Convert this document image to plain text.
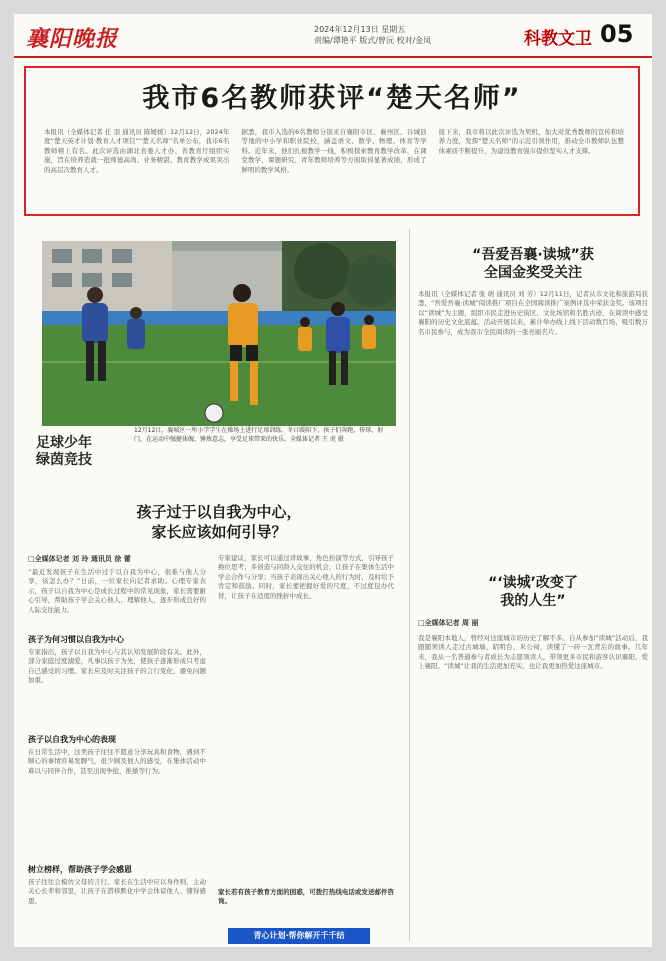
襄阳晚报	2024年12月13日 星期五
责编/谭艳平 版式/曾沅 校对/金凤	科教文卫 05
我市6名教师获评“楚天名师”
本报讯（全媒体记者 任 羽 通讯员 陈媛媛）12月12日，2024年度“楚天英才计划·教育人才项目”“楚天名师”名单公布，我市6名教师榜上有名。此次评选由湖北省委人才办、省教育厅组织实施，旨在培养造就一批师德高尚、业务精湛、教育教学成果突出的高层次教育人才。
据悉，我市入选的6名教师分别来自襄阳市区、襄州区、谷城县等地的中小学和职业院校，涵盖语文、数学、物理、体育等学科。近年来，他们扎根教学一线，积极探索教育教学改革，在课堂教学、课题研究、青年教师培养等方面取得显著成绩，形成了鲜明的教学风格。
接下来，我市将以此次评选为契机，加大对优秀教师的宣传和培养力度，发挥“楚天名师”的示范引领作用，推动全市教师队伍整体素质不断提升，为建设教育强市提供坚实人才支撑。
足球少年
绿茵竞技
12月12日，襄城区一所小学学生在操场上进行足球训练。冬日暖阳下，孩子们奔跑、传球、射门，在运动中强健体魄、锤炼意志，享受足球带来的快乐。全媒体记者 王 虎 摄
孩子过于以自我为中心，
家长应该如何引导？
□全媒体记者 刘 玲 通讯员 徐 蕾
“最近发现孩子在生活中过于以自我为中心，很难与他人分享，该怎么办？”日前，一位家长向记者求助。心理专家表示，孩子以自我为中心是成长过程中的常见现象，家长需要耐心引导，帮助孩子学会关心他人、理解他人，逐步形成良好的人际交往能力。
孩子为何习惯以自我为中心
专家指出，孩子以自我为中心与其认知发展阶段有关。此外，部分家庭过度溺爱，凡事以孩子为先，使孩子逐渐形成只考虑自己感受的习惯。家长应及时关注孩子的言行变化，避免问题加重。
孩子以自我为中心的表现
在日常生活中，这类孩子往往不愿意分享玩具和食物，遇到不顺心的事情容易发脾气，很少顾及他人的感受，在集体活动中难以与同伴合作，甚至出现争抢、推搡等行为。
树立榜样，帮助孩子学会感恩
孩子往往会模仿父母的言行。家长在生活中应以身作则，主动关心长辈和邻里，让孩子在潜移默化中学会体谅他人、懂得感恩。
专家建议，家长可以通过讲故事、角色扮演等方式，引导孩子换位思考；多创造与同龄人交往的机会，让孩子在集体生活中学会合作与分享；当孩子表现出关心他人的行为时，及时给予肯定和鼓励。同时，家长要把握好爱的尺度，不过度包办代替，让孩子在适度的挫折中成长。
家长若有孩子教育方面的困惑，可拨打热线电话或发送邮件咨询。
青心计划·帮你解开千千结
“吾爱吾襄·读城”获
全国金奖受关注
本报讯（全媒体记者 张 萌 通讯员 刘 芳）12月11日，记者从市文化和旅游局获悉，“吾爱吾襄·读城”阅读推广项目在全国阅读推广案例评选中荣获金奖。该项目以“读城”为主题，组织市民走进历史街区、文化场馆和名胜古迹，在阅读中感受襄阳的历史文化底蕴。活动开展以来，累计举办线上线下活动数百场，吸引数万名市民参与，成为我市全民阅读的一张亮丽名片。
“‘读城’改变了
我的人生”
□全媒体记者 周 丽
我是襄阳本地人，曾经对这座城市的历史了解不多。自从参加“读城”活动后，我跟随领读人走过古城墙、昭明台、米公祠，读懂了一砖一瓦背后的故事。几年来，我从一名普通参与者成长为志愿领读人，带领更多市民和游客认识襄阳、爱上襄阳。“读城”让我的生活更加充实，也让我更加热爱这座城市。
